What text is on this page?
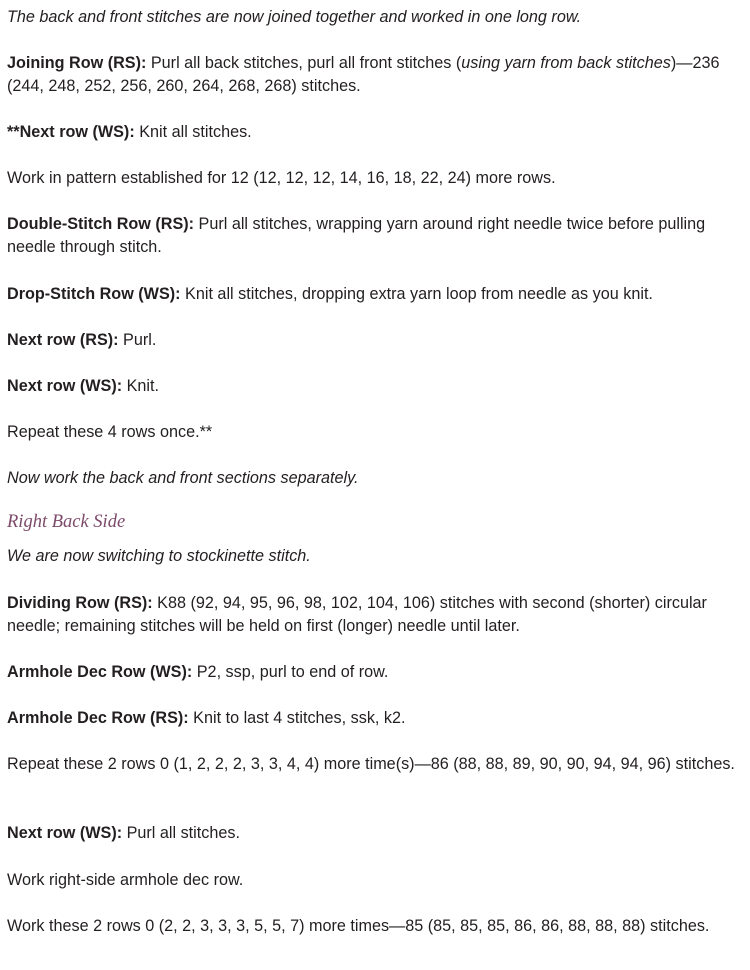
The back and front stitches are now joined together and worked in one long row.

Joining Row (RS): Purl all back stitches, purl all front stitches (using yarn from back stitches)—236 (244, 248, 252, 256, 260, 264, 268, 268) stitches.

**Next row (WS): Knit all stitches.

Work in pattern established for 12 (12, 12, 12, 14, 16, 18, 22, 24) more rows.

Double-Stitch Row (RS): Purl all stitches, wrapping yarn around right needle twice before pulling needle through stitch.

Drop-Stitch Row (WS): Knit all stitches, dropping extra yarn loop from needle as you knit.

Next row (RS): Purl.

Next row (WS): Knit.

Repeat these 4 rows once.**

Now work the back and front sections separately.

Right Back Side

We are now switching to stockinette stitch.

Dividing Row (RS): K88 (92, 94, 95, 96, 98, 102, 104, 106) stitches with second (shorter) circular needle; remaining stitches will be held on first (longer) needle until later.

Armhole Dec Row (WS): P2, ssp, purl to end of row.

Armhole Dec Row (RS): Knit to last 4 stitches, ssk, k2.

Repeat these 2 rows 0 (1, 2, 2, 2, 3, 3, 4, 4) more time(s)—86 (88, 88, 89, 90, 90, 94, 94, 96) stitches.

Next row (WS): Purl all stitches.

Work right-side armhole dec row.

Work these 2 rows 0 (2, 2, 3, 3, 3, 5, 5, 7) more times—85 (85, 85, 85, 86, 86, 88, 88, 88) stitches.
